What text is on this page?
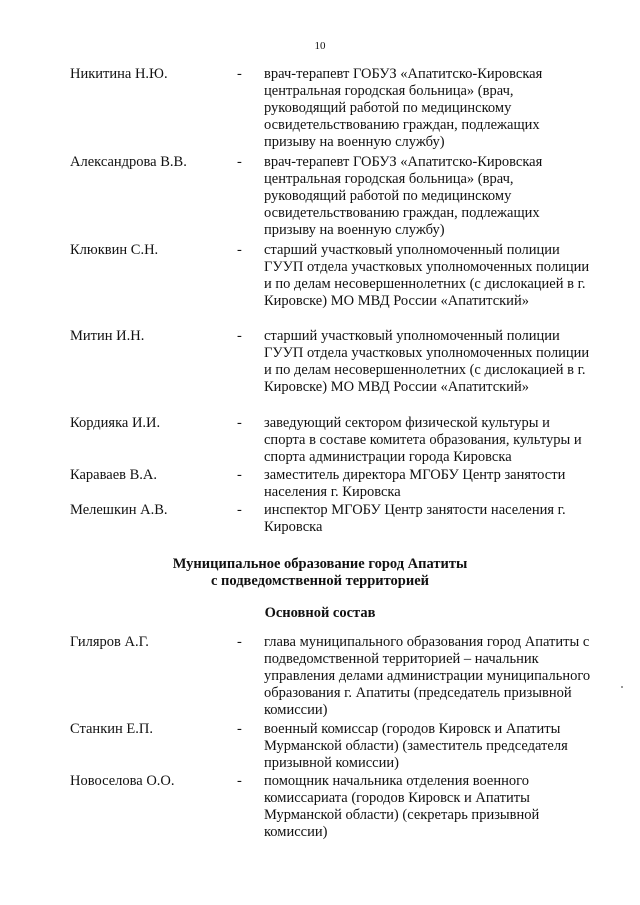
10
Никитина Н.Ю.	- врач-терапевт ГОБУЗ «Апатитско-Кировская центральная городская больница» (врач, руководящий работой по медицинскому освидетельствованию граждан, подлежащих призыву на военную службу)
Александрова В.В.	- врач-терапевт ГОБУЗ «Апатитско-Кировская центральная городская больница» (врач, руководящий работой по медицинскому освидетельствованию граждан, подлежащих призыву на военную службу)
Клюквин С.Н.	- старший участковый уполномоченный полиции ГУУП отдела участковых уполномоченных полиции и по делам несовершеннолетних (с дислокацией в г. Кировске) МО МВД России «Апатитский»
Митин И.Н.	- старший участковый уполномоченный полиции ГУУП отдела участковых уполномоченных полиции и по делам несовершеннолетних (с дислокацией в г. Кировске) МО МВД России «Апатитский»
Кордияка И.И.	- заведующий сектором физической культуры и спорта в составе комитета образования, культуры и спорта администрации города Кировска
Караваев В.А.	- заместитель директора МГОБУ Центр занятости населения г. Кировска
Мелешкин А.В.	- инспектор МГОБУ Центр занятости населения г. Кировска
Муниципальное образование город Апатиты
с подведомственной территорией
Основной состав
Гиляров А.Г.	- глава муниципального образования город Апатиты с подведомственной территорией – начальник управления делами администрации муниципального образования г. Апатиты (председатель призывной комиссии)
Станкин Е.П.	- военный комиссар (городов Кировск и Апатиты Мурманской области) (заместитель председателя призывной комиссии)
Новоселова О.О.	- помощник начальника отделения военного комиссариата (городов Кировск и Апатиты Мурманской области) (секретарь призывной комиссии)
